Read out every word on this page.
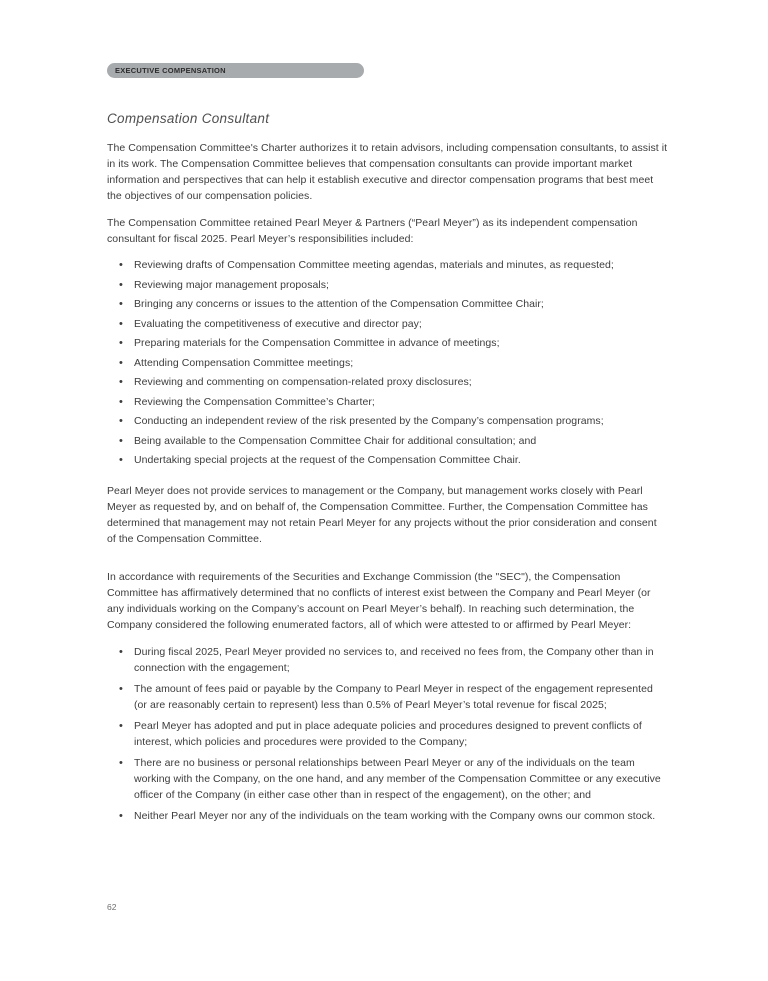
EXECUTIVE COMPENSATION
Compensation Consultant

The Compensation Committee's Charter authorizes it to retain advisors, including compensation consultants, to assist it in its work. The Compensation Committee believes that compensation consultants can provide important market information and perspectives that can help it establish executive and director compensation programs that best meet the objectives of our compensation policies.

The Compensation Committee retained Pearl Meyer & Partners (“Pearl Meyer”) as its independent compensation consultant for fiscal 2025. Pearl Meyer’s responsibilities included:

• Reviewing drafts of Compensation Committee meeting agendas, materials and minutes, as requested;
• Reviewing major management proposals;
• Bringing any concerns or issues to the attention of the Compensation Committee Chair;
• Evaluating the competitiveness of executive and director pay;
• Preparing materials for the Compensation Committee in advance of meetings;
• Attending Compensation Committee meetings;
• Reviewing and commenting on compensation-related proxy disclosures;
• Reviewing the Compensation Committee’s Charter;
• Conducting an independent review of the risk presented by the Company’s compensation programs;
• Being available to the Compensation Committee Chair for additional consultation; and
• Undertaking special projects at the request of the Compensation Committee Chair.

Pearl Meyer does not provide services to management or the Company, but management works closely with Pearl Meyer as requested by, and on behalf of, the Compensation Committee. Further, the Compensation Committee has determined that management may not retain Pearl Meyer for any projects without the prior consideration and consent of the Compensation Committee.

In accordance with requirements of the Securities and Exchange Commission (the "SEC"), the Compensation Committee has affirmatively determined that no conflicts of interest exist between the Company and Pearl Meyer (or any individuals working on the Company’s account on Pearl Meyer’s behalf). In reaching such determination, the Company considered the following enumerated factors, all of which were attested to or affirmed by Pearl Meyer:

• During fiscal 2025, Pearl Meyer provided no services to, and received no fees from, the Company other than in connection with the engagement;
• The amount of fees paid or payable by the Company to Pearl Meyer in respect of the engagement represented (or are reasonably certain to represent) less than 0.5% of Pearl Meyer’s total revenue for fiscal 2025;
• Pearl Meyer has adopted and put in place adequate policies and procedures designed to prevent conflicts of interest, which policies and procedures were provided to the Company;
• There are no business or personal relationships between Pearl Meyer or any of the individuals on the team working with the Company, on the one hand, and any member of the Compensation Committee or any executive officer of the Company (in either case other than in respect of the engagement), on the other; and
• Neither Pearl Meyer nor any of the individuals on the team working with the Company owns our common stock.
62
